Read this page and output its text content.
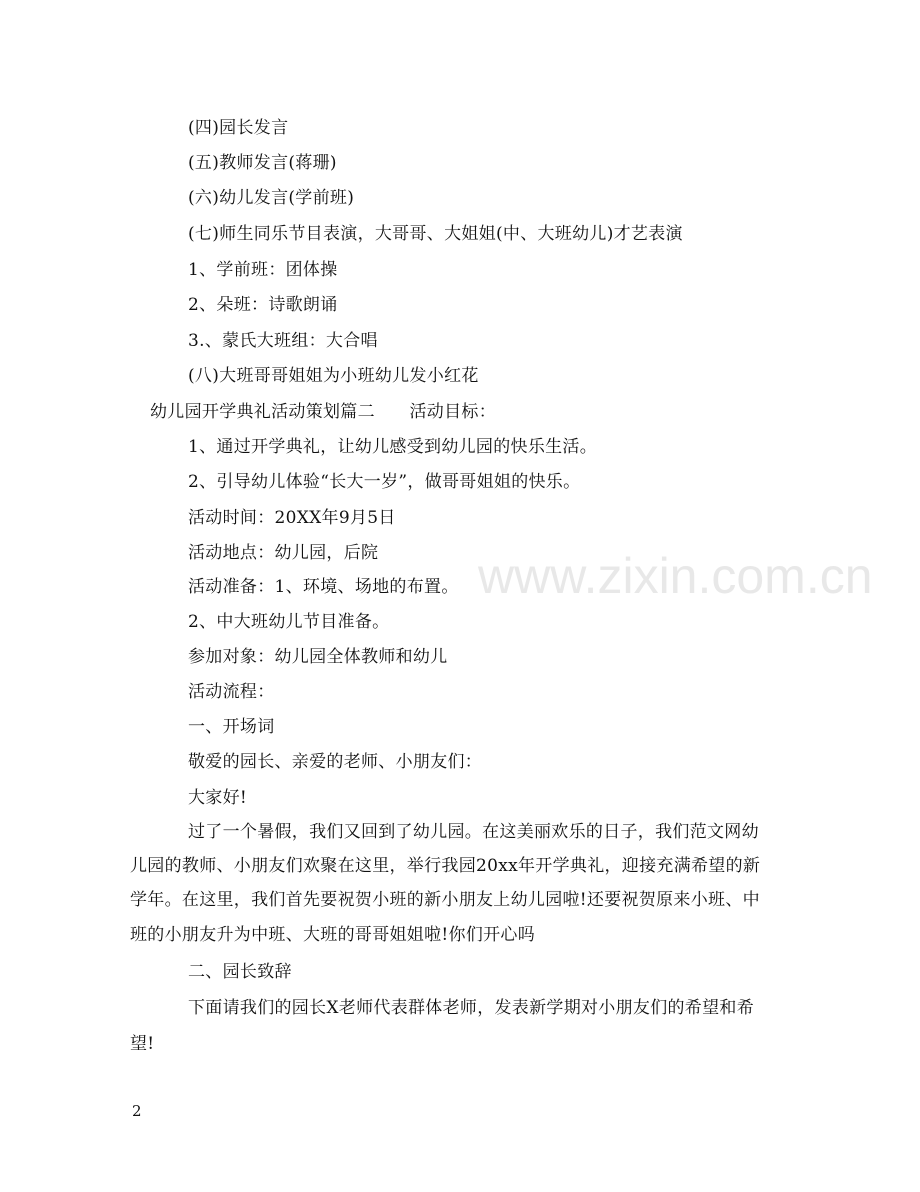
(四)园长发言
(五)教师发言(蒋珊)
(六)幼儿发言(学前班)
(七)师生同乐节目表演，大哥哥、大姐姐(中、大班幼儿)才艺表演
1、学前班：团体操
2、朵班：诗歌朗诵
3.、蒙氏大班组：大合唱
(八)大班哥哥姐姐为小班幼儿发小红花
幼儿园开学典礼活动策划篇二　　活动目标：
1、通过开学典礼，让幼儿感受到幼儿园的快乐生活。
2、引导幼儿体验“长大一岁”，做哥哥姐姐的快乐。
活动时间：20XX年9月5日
活动地点：幼儿园，后院
活动准备：1、环境、场地的布置。
2、中大班幼儿节目准备。
参加对象：幼儿园全体教师和幼儿
活动流程：
一、开场词
敬爱的园长、亲爱的老师、小朋友们：
大家好!
过了一个暑假，我们又回到了幼儿园。在这美丽欢乐的日子，我们范文网幼
儿园的教师、小朋友们欢聚在这里，举行我园20xx年开学典礼，迎接充满希望的新
学年。在这里，我们首先要祝贺小班的新小朋友上幼儿园啦!还要祝贺原来小班、中
班的小朋友升为中班、大班的哥哥姐姐啦!你们开心吗
二、园长致辞
下面请我们的园长X老师代表群体老师，发表新学期对小朋友们的希望和希
望!
www.zixin.com.cn
2
